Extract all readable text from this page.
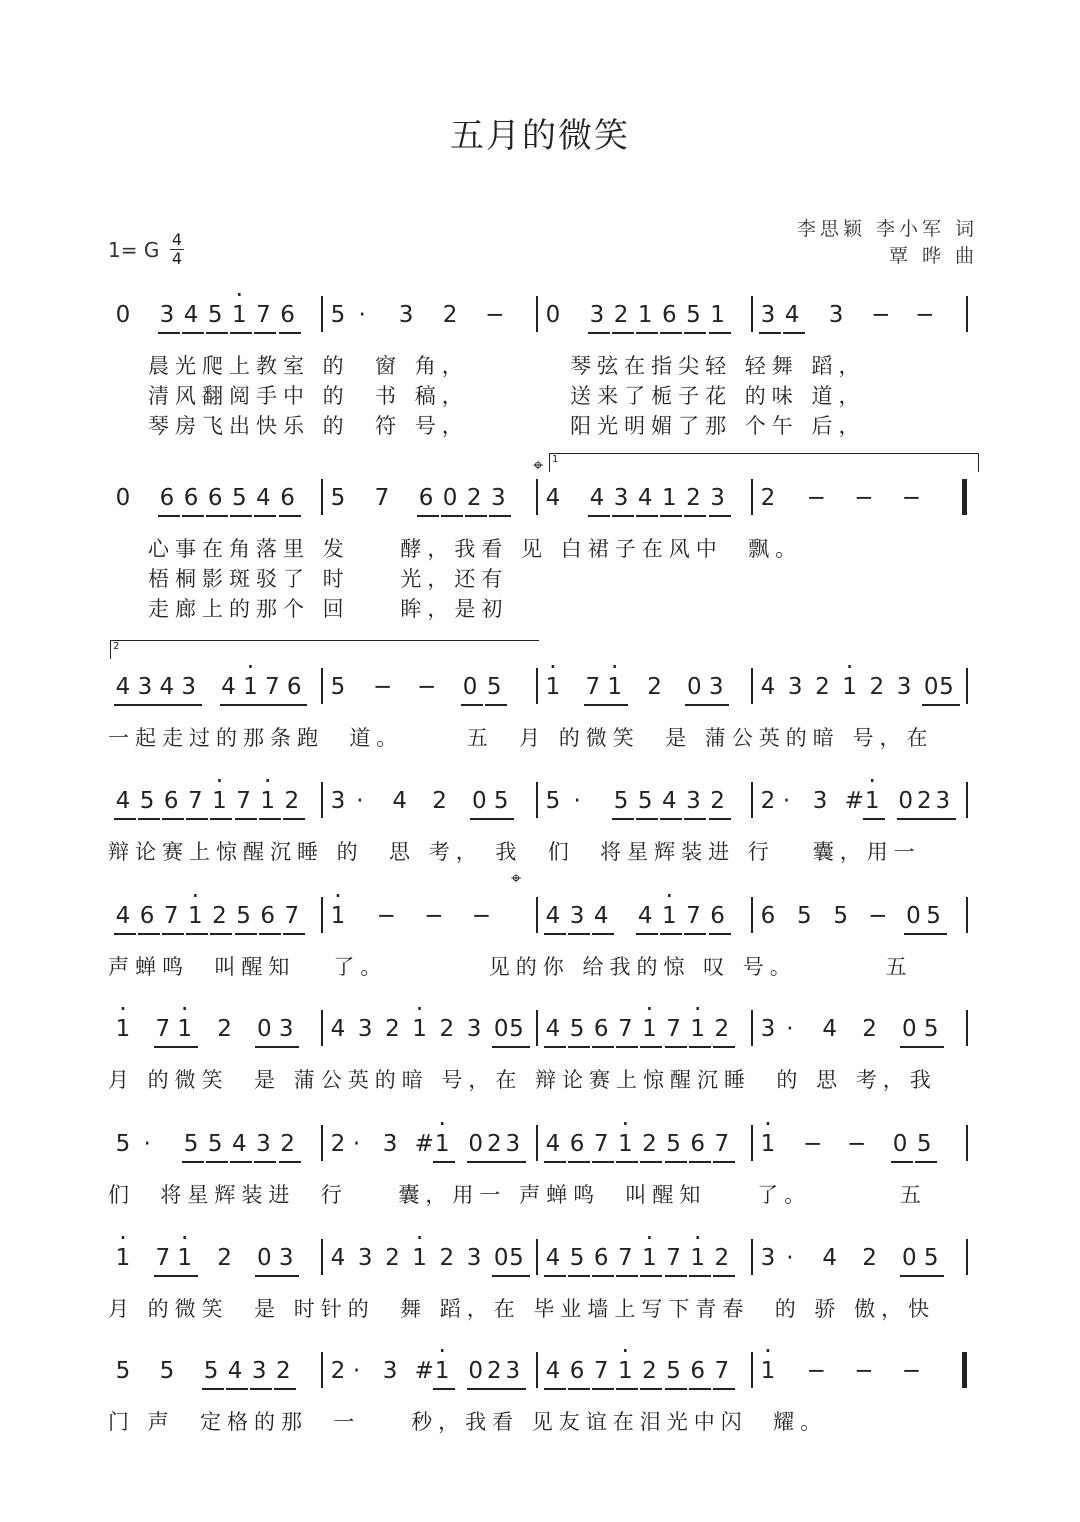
五月的微笑
李思颖 李小军 词
覃 晔 曲
1= G 4
4
0 3 4 5 · 1 7 6 5 · 3 2 − 0 3 2 1 6 5 1 3 4 3 − −
晨光爬上教室 的  窗 角，        琴弦在指尖轻 轻舞 蹈，
清风翻阅手中 的  书 稿，        送来了栀子花 的味 道，
琴房飞出快乐 的  符 号，        阳光明媚了那 个午 后，
0 6 6 6 5 4 6 5 7 6 0 2 3 4 4 3 4 1 2 3 2 − − −
心事在角落里 发    酵，我看 见 白裙子在风中  飘。
梧桐影斑驳了 时    光，还有
走廊上的那个 回    眸，是初
4 3 4 3 4 · 1 7 6 5 − − 0 5 · 1 7 · 1 2 0 3 4 3 2 · 1 2 3 0 5
一起走过的那条跑  道。     五  月 的微笑  是 蒲公英的暗 号，在
4 5 6 7 · 1 7 · 1 2 3 · 4 2 0 5 5 · 5 5 4 3 2 2 · 3 # · 1 0 2 3
辩论赛上惊醒沉睡 的  思 考， 我  们  将星辉装进 行   囊，用一
4 6 7 · 1 2 5 6 7 · 1 − − − 4 3 4 4 · 1 7 6 6 5 5 − 0 5
声蝉鸣  叫醒知   了。        见的你 给我的惊 叹 号。       五
· 1 7 · 1 2 0 3 4 3 2 · 1 2 3 0 5 4 5 6 7 · 1 7 · 1 2 3 · 4 2 0 5
月 的微笑  是 蒲公英的暗 号，在 辩论赛上惊醒沉睡  的 思 考，我
5 · 5 5 4 3 2 2 · 3 # · 1 0 2 3 4 6 7 · 1 2 5 6 7 · 1 − − 0 5
们  将星辉装进  行    囊，用一 声蝉鸣  叫醒知    了。       五
· 1 7 · 1 2 0 3 4 3 2 · 1 2 3 0 5 4 5 6 7 · 1 7 · 1 2 3 · 4 2 0 5
月 的微笑  是 时针的  舞 蹈，在 毕业墙上写下青春  的 骄 傲，快
5 5 5 4 3 2 2 · 3 # · 1 0 2 3 4 6 7 · 1 2 5 6 7 · 1 − − −
门 声  定格的那  一    秒，我看 见友谊在泪光中闪  耀。
1
2
⌖
⌖
